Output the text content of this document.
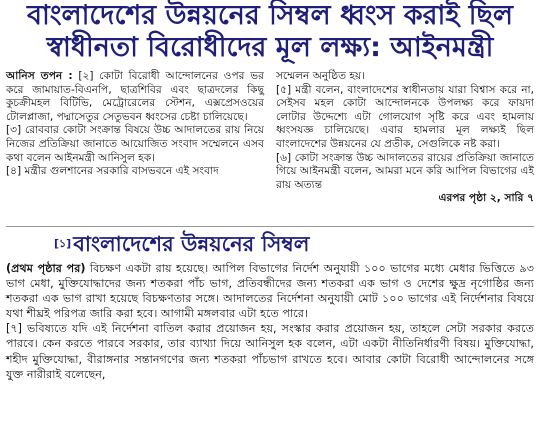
বাংলাদেশের উন্নয়নের সিম্বল ধ্বংস করাই ছিল
স্বাধীনতা বিরোধীদের মূল লক্ষ্য: আইনমন্ত্রী

আনিস তপন : [২] কোটা বিরোধী আন্দোলনের ওপর ভর করে জামায়াত-বিএনপি, ছাত্রশিবির এবং ছাত্রদলের কিছু কুচক্রীমহল বিটিভি, মেট্রোরেলের স্টেশন, এক্সপ্রেসওয়ের টোলপ্লাজা, পদ্মাসেতুর সেতুভবন ধ্বংসের চেষ্টা চালিয়েছে।

[৩] রোববার কোটা সংক্রান্ত বিষয়ে উচ্চ আদালতের রায় নিয়ে নিজের প্রতিক্রিয়া জানাতে আয়োজিত সংবাদ সম্মেলনে এসব কথা বলেন আইনমন্ত্রী আনিসুল হক।

[৪] মন্ত্রীর গুলশানের সরকারি বাসভবনে এই সংবাদ

সম্মেলন অনুষ্ঠিত হয়।

[৫] মন্ত্রী বলেন, বাংলাদেশের স্বাধীনতায় যারা বিশ্বাস করে না, সেইসব মহল কোটা আন্দোলনকে উপলক্ষ্য করে ফায়দা লোটার উদ্দেশ্যে এটা গোলযোগ সৃষ্টি করে এবং হামলায় ধ্বংসযজ্ঞ চালিয়েছে। এবার হামলার মূল লক্ষ্যই ছিল বাংলাদেশের উন্নয়নের যে প্রতীক, সেগুলিকে নষ্ট করা।

[৬] কোটা সংক্রান্ত উচ্চ আদালতের রায়ের প্রতিক্রিয়া জানাতে গিয়ে আইনমন্ত্রী বলেন, আমরা মনে করি আপিল বিভাগের এই রায় অত্যন্ত

এরপর পৃষ্ঠা ২, সারি ৭

[১]বাংলাদেশের উন্নয়নের সিম্বল

(প্রথম পৃষ্ঠার পর) বিচক্ষণ একটা রায় হয়েছে। আপিল বিভাগের নির্দেশ অনুযায়ী ১০০ ভাগের মধ্যে মেধার ভিত্তিতে ৯৩ ভাগ মেধা, মুক্তিযোদ্ধাদের জন্য শতকরা পাঁচ ভাগ, প্রতিবন্ধীদের জন্য শতকরা এক ভাগ ও দেশের ক্ষুদ্র নৃগোষ্ঠির জন্য শতকরা এক ভাগ রাখা হয়েছে বিচক্ষণতার সঙ্গে। আদালতের নির্দেশনা অনুযায়ী মোট ১০০ ভাগের এই নির্দেশনার বিষয়ে যথা শীঘ্রই পরিপত্র জারি করা হবে। আগামী মঙ্গলবার এটা হতে পারে।

[৭] ভবিষ্যতে যদি এই নির্দেশনা বাতিল করার প্রয়োজন হয়, সংস্কার করার প্রয়োজন হয়, তাহলে সেটা সরকার করতে পারবে। কেন করতে পারবে সরকার, তার ব্যাখ্যা দিয়ে আনিসুল হক বলেন, এটা একটা নীতিনির্ধারণী বিষয়। মুক্তিযোদ্ধা, শহীদ মুক্তিযোদ্ধা, বীরাঙ্গনার সন্তানগণের জন্য শতকরা পাঁচভাগ রাখতে হবে। আবার কোটা বিরোধী আন্দোলনের সঙ্গে যুক্ত নারীরাই বলেছেন,
